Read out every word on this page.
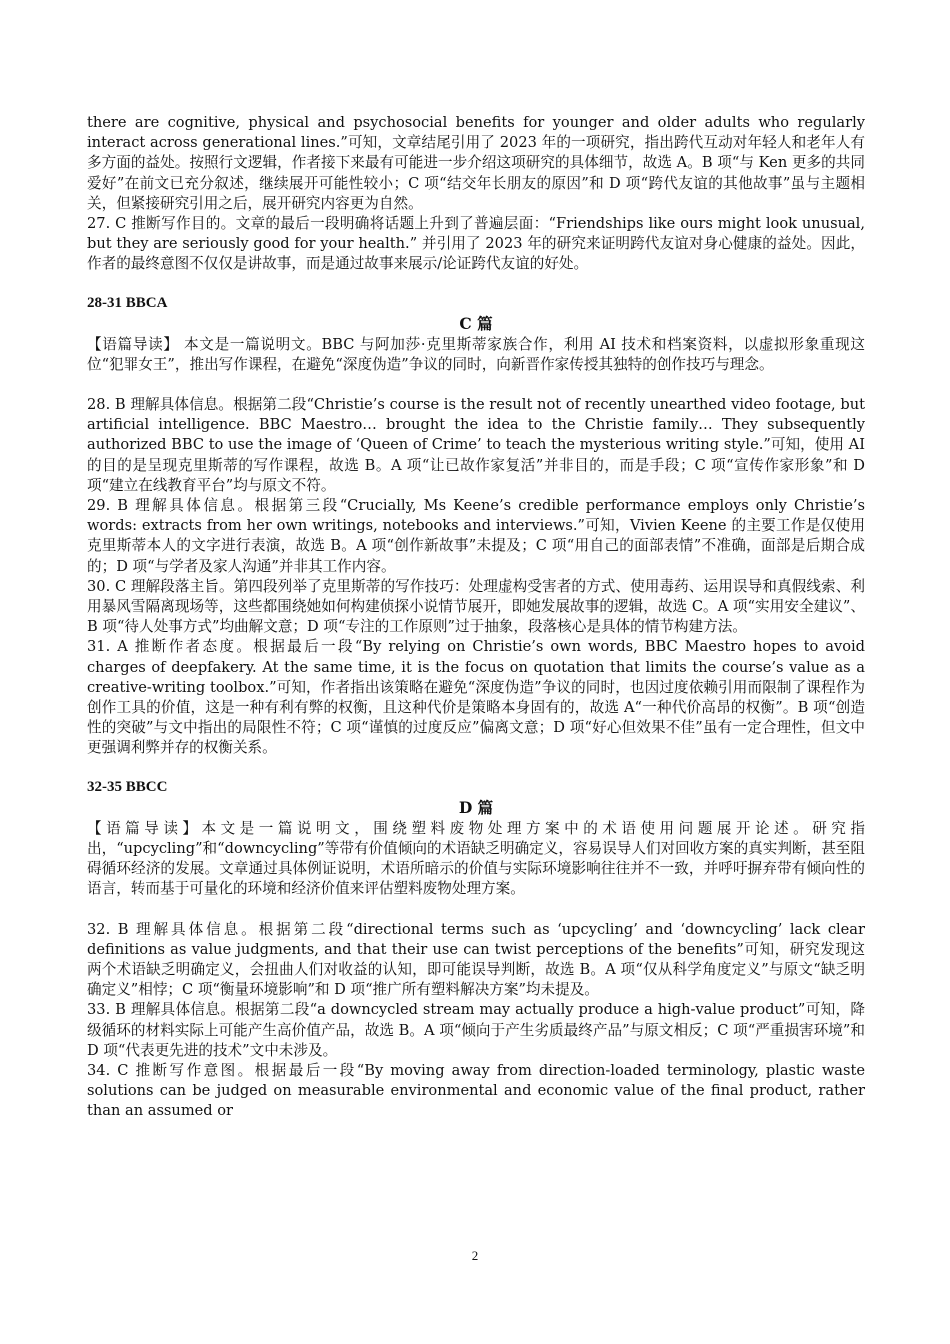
there are cognitive, physical and psychosocial benefits for younger and older adults who regularly interact across generational lines.”可知，文章结尾引用了 2023 年的一项研究，指出跨代互动对年轻人和老年人有多方面的益处。按照行文逻辑，作者接下来最有可能进一步介绍这项研究的具体细节，故选 A。B 项“与 Ken 更多的共同爱好”在前文已充分叙述，继续展开可能性较小；C 项“结交年长朋友的原因”和 D 项“跨代友谊的其他故事”虽与主题相关，但紧接研究引用之后，展开研究内容更为自然。

27. C 推断写作目的。文章的最后一段明确将话题上升到了普遍层面：“Friendships like ours might look unusual, but they are seriously good for your health.” 并引用了 2023 年的研究来证明跨代友谊对身心健康的益处。因此，作者的最终意图不仅仅是讲故事，而是通过故事来展示/论证跨代友谊的好处。

28-31 BBCA

C 篇

【语篇导读】 本文是一篇说明文。BBC 与阿加莎·克里斯蒂家族合作，利用 AI 技术和档案资料，以虚拟形象重现这位“犯罪女王”，推出写作课程，在避免“深度伪造”争议的同时，向新晋作家传授其独特的创作技巧与理念。

28. B 理解具体信息。根据第二段“Christie’s course is the result not of recently unearthed video footage, but artificial intelligence. BBC Maestro… brought the idea to the Christie family… They subsequently authorized BBC to use the image of ‘Queen of Crime’ to teach the mysterious writing style.”可知，使用 AI 的目的是呈现克里斯蒂的写作课程，故选 B。A 项“让已故作家复活”并非目的，而是手段；C 项“宣传作家形象”和 D 项“建立在线教育平台”均与原文不符。

29. B 理解具体信息。根据第三段“Crucially, Ms Keene’s credible performance employs only Christie’s words: extracts from her own writings, notebooks and interviews.”可知，Vivien Keene 的主要工作是仅使用克里斯蒂本人的文字进行表演，故选 B。A 项“创作新故事”未提及；C 项“用自己的面部表情”不准确，面部是后期合成的；D 项“与学者及家人沟通”并非其工作内容。

30. C 理解段落主旨。第四段列举了克里斯蒂的写作技巧：处理虚构受害者的方式、使用毒药、运用误导和真假线索、利用暴风雪隔离现场等，这些都围绕她如何构建侦探小说情节展开，即她发展故事的逻辑，故选 C。A 项“实用安全建议”、B 项“待人处事方式”均曲解文意；D 项“专注的工作原则”过于抽象，段落核心是具体的情节构建方法。

31. A 推断作者态度。根据最后一段“By relying on Christie’s own words, BBC Maestro hopes to avoid charges of deepfakery. At the same time, it is the focus on quotation that limits the course’s value as a creative-writing toolbox.”可知，作者指出该策略在避免“深度伪造”争议的同时，也因过度依赖引用而限制了课程作为创作工具的价值，这是一种有利有弊的权衡，且这种代价是策略本身固有的，故选 A“一种代价高昂的权衡”。B 项“创造性的突破”与文中指出的局限性不符；C 项“谨慎的过度反应”偏离文意；D 项“好心但效果不佳”虽有一定合理性，但文中更强调利弊并存的权衡关系。

32-35 BBCC

D 篇

【语篇导读】本文是一篇说明文，围绕塑料废物处理方案中的术语使用问题展开论述。研究指出，“upcycling”和“downcycling”等带有价值倾向的术语缺乏明确定义，容易误导人们对回收方案的真实判断，甚至阻碍循环经济的发展。文章通过具体例证说明，术语所暗示的价值与实际环境影响往往并不一致，并呼吁摒弃带有倾向性的语言，转而基于可量化的环境和经济价值来评估塑料废物处理方案。

32. B 理解具体信息。根据第二段“directional terms such as ‘upcycling’ and ‘downcycling’ lack clear definitions as value judgments, and that their use can twist perceptions of the benefits”可知，研究发现这两个术语缺乏明确定义，会扭曲人们对收益的认知，即可能误导判断，故选 B。A 项“仅从科学角度定义”与原文“缺乏明确定义”相悖；C 项“衡量环境影响”和 D 项“推广所有塑料解决方案”均未提及。

33. B 理解具体信息。根据第二段“a downcycled stream may actually produce a high-value product”可知，降级循环的材料实际上可能产生高价值产品，故选 B。A 项“倾向于产生劣质最终产品”与原文相反；C 项“严重损害环境”和 D 项“代表更先进的技术”文中未涉及。

34. C 推断写作意图。根据最后一段“By moving away from direction-loaded terminology, plastic waste solutions can be judged on measurable environmental and economic value of the final product, rather than an assumed or

2
